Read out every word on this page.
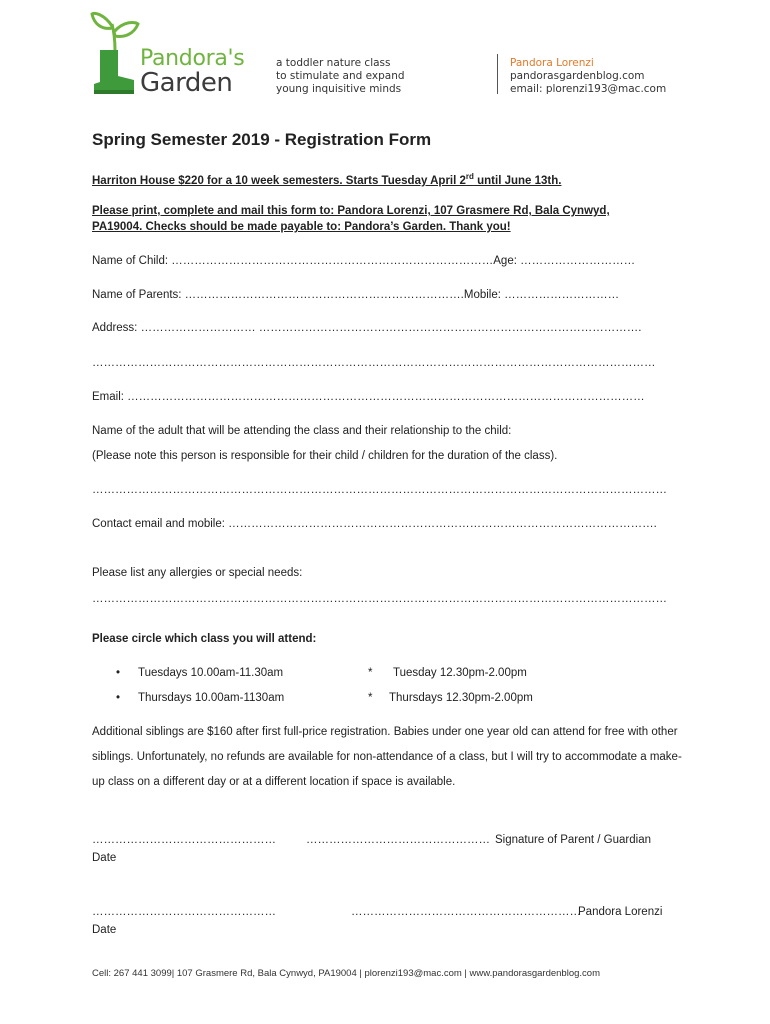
Pandora's
Garden
a toddler nature class
to stimulate and expand
young inquisitive minds
Pandora Lorenzi
pandorasgardenblog.com
email: plorenzi193@mac.com
Spring Semester 2019 - Registration Form
Harriton House $220 for a 10 week semesters. Starts Tuesday April 2rd until June 13th.
Please print, complete and mail this form to: Pandora Lorenzi, 107 Grasmere Rd, Bala Cynwyd,
PA19004. Checks should be made payable to: Pandora’s Garden. Thank you!
Name of Child: …………………………………………………………………………Age: …………………………
Name of Parents: ……………………………………………………………….Mobile: …………………………
Address: ………………………… ……………………………………………………………………………………….
…………………………………………………………………………………………………………………………………
Email: ………………………………………………………………………………………………………………………
Name of the adult that will be attending the class and their relationship to the child:
(Please note this person is responsible for their child / children for the duration of the class).
……………………………………………………………………………………………………………………………………
Contact email and mobile: ………………………………………………………………………………………………….
Please list any allergies or special needs:
……………………………………………………………………………………………………………………………………
Please circle which class you will attend:
• Tuesdays 10.00am-11.30am	* Tuesday 12.30pm-2.00pm
• Thursdays 10.00am-1130am	* Thursdays 12.30pm-2.00pm
Additional siblings are $160 after first full-price registration. Babies under one year old can attend for free with other siblings. Unfortunately, no refunds are available for non-attendance of a class, but I will try to accommodate a make-up class on a different day or at a different location if space is available.
…………………………………………	………………………………………… Signature of Parent / Guardian
Date
…………………………………………	……………………………………………………
Pandora Lorenzi
Date
Cell: 267 441 3099| 107 Grasmere Rd, Bala Cynwyd, PA19004 | plorenzi193@mac.com | www.pandorasgardenblog.com
